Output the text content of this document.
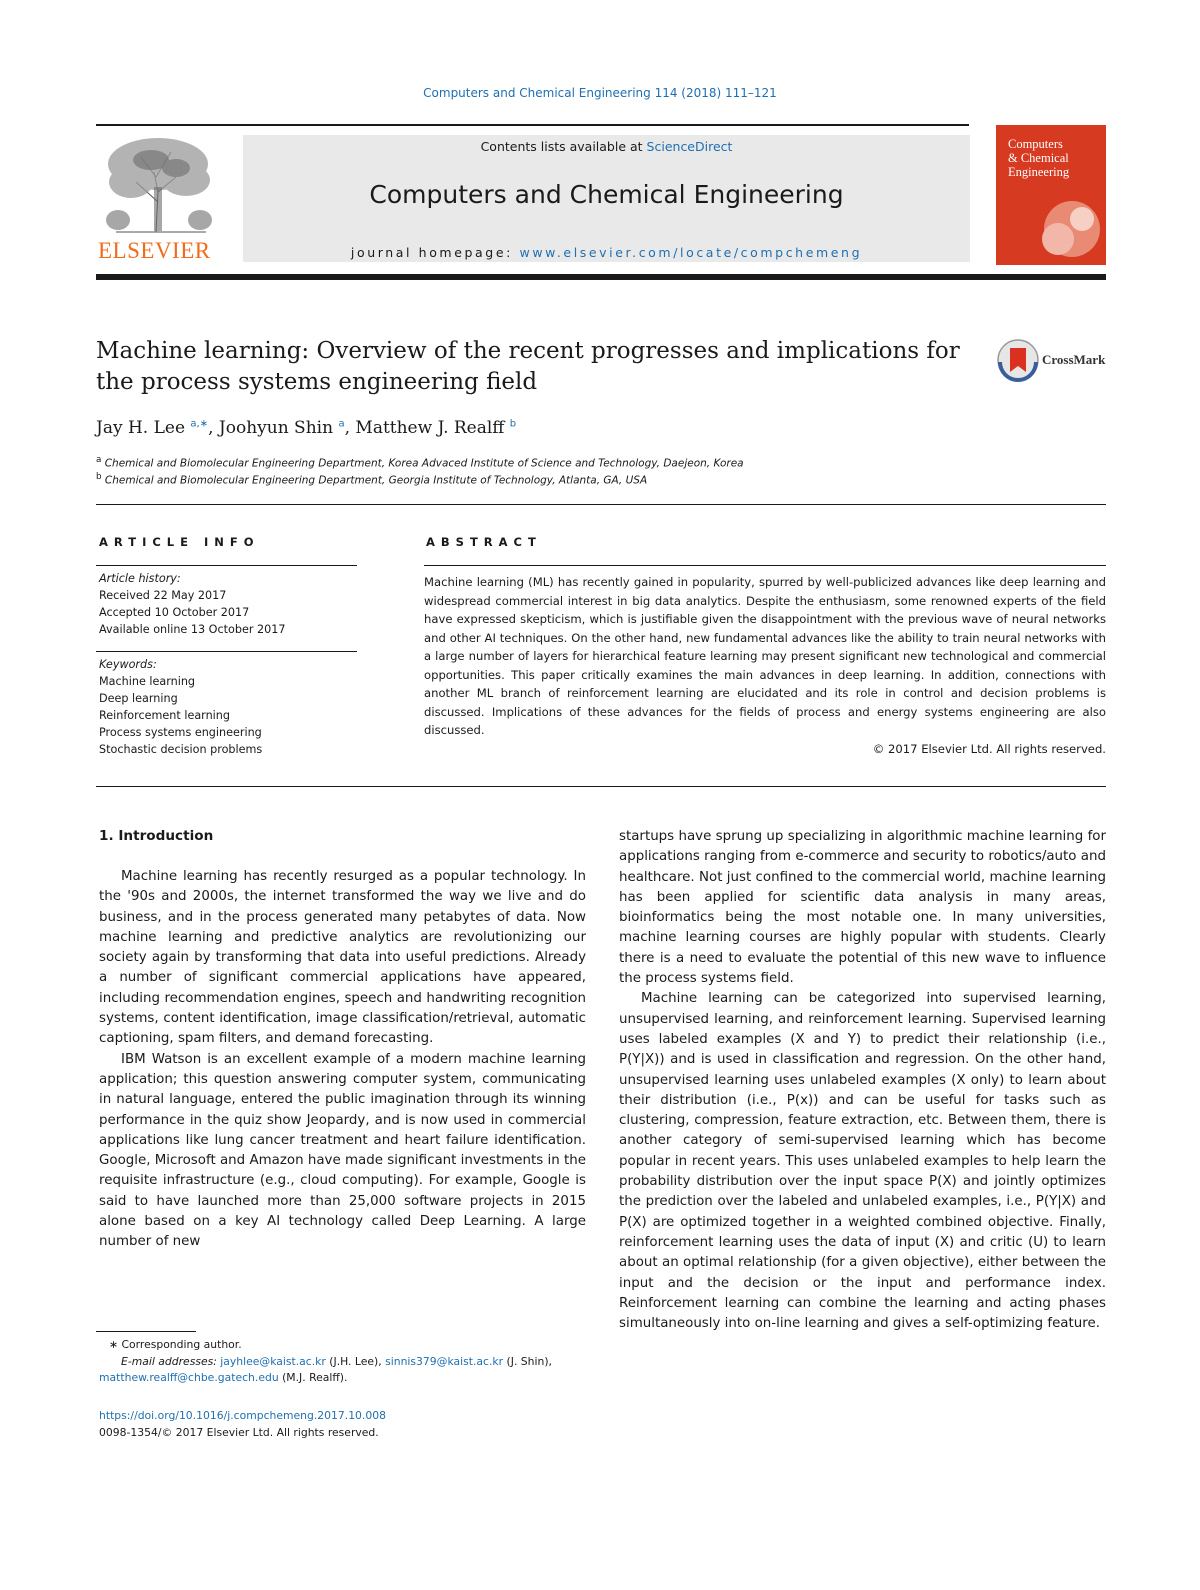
Computers and Chemical Engineering 114 (2018) 111–121
ELSEVIER
Contents lists available at ScienceDirect
Computers and Chemical Engineering
journal homepage: www.elsevier.com/locate/compchemeng
Computers
& Chemical
Engineering
Machine learning: Overview of the recent progresses and implications for the process systems engineering field
CrossMark
Jay H. Lee $^{a,∗}$, Joohyun Shin $^a$, Matthew J. Realff $^b$
$^a$ Chemical and Biomolecular Engineering Department, Korea Advaced Institute of Science and Technology, Daejeon, Korea
$^b$ Chemical and Biomolecular Engineering Department, Georgia Institute of Technology, Atlanta, GA, USA
ARTICLE INFO
Article history:
Received 22 May 2017
Accepted 10 October 2017
Available online 13 October 2017
Keywords:
Machine learning
Deep learning
Reinforcement learning
Process systems engineering
Stochastic decision problems
ABSTRACT
Machine learning (ML) has recently gained in popularity, spurred by well-publicized advances like deep learning and widespread commercial interest in big data analytics. Despite the enthusiasm, some renowned experts of the field have expressed skepticism, which is justifiable given the disappointment with the previous wave of neural networks and other AI techniques. On the other hand, new fundamental advances like the ability to train neural networks with a large number of layers for hierarchical feature learning may present significant new technological and commercial opportunities. This paper critically examines the main advances in deep learning. In addition, connections with another ML branch of reinforcement learning are elucidated and its role in control and decision problems is discussed. Implications of these advances for the fields of process and energy systems engineering are also discussed.
© 2017 Elsevier Ltd. All rights reserved.
1. Introduction

Machine learning has recently resurged as a popular technology. In the '90s and 2000s, the internet transformed the way we live and do business, and in the process generated many petabytes of data. Now machine learning and predictive analytics are revolutionizing our society again by transforming that data into useful predictions. Already a number of significant commercial applications have appeared, including recommendation engines, speech and handwriting recognition systems, content identification, image classification/retrieval, automatic captioning, spam filters, and demand forecasting.

IBM Watson is an excellent example of a modern machine learning application; this question answering computer system, communicating in natural language, entered the public imagination through its winning performance in the quiz show Jeopardy, and is now used in commercial applications like lung cancer treatment and heart failure identification. Google, Microsoft and Amazon have made significant investments in the requisite infrastructure (e.g., cloud computing). For example, Google is said to have launched more than 25,000 software projects in 2015 alone based on a key AI technology called Deep Learning. A large number of new

startups have sprung up specializing in algorithmic machine learning for applications ranging from e-commerce and security to robotics/auto and healthcare. Not just confined to the commercial world, machine learning has been applied for scientific data analysis in many areas, bioinformatics being the most notable one. In many universities, machine learning courses are highly popular with students. Clearly there is a need to evaluate the potential of this new wave to influence the process systems field.

Machine learning can be categorized into supervised learning, unsupervised learning, and reinforcement learning. Supervised learning uses labeled examples (X and Y) to predict their relationship (i.e., P(Y|X)) and is used in classification and regression. On the other hand, unsupervised learning uses unlabeled examples (X only) to learn about their distribution (i.e., P(x)) and can be useful for tasks such as clustering, compression, feature extraction, etc. Between them, there is another category of semi-supervised learning which has become popular in recent years. This uses unlabeled examples to help learn the probability distribution over the input space P(X) and jointly optimizes the prediction over the labeled and unlabeled examples, i.e., P(Y|X) and P(X) are optimized together in a weighted combined objective. Finally, reinforcement learning uses the data of input (X) and critic (U) to learn about an optimal relationship (for a given objective), either between the input and the decision or the input and performance index. Reinforcement learning can combine the learning and acting phases simultaneously into on-line learning and gives a self-optimizing feature.

∗ Corresponding author.
E-mail addresses: jayhlee@kaist.ac.kr (J.H. Lee), sinnis379@kaist.ac.kr (J. Shin),
matthew.realff@chbe.gatech.edu (M.J. Realff).
https://doi.org/10.1016/j.compchemeng.2017.10.008
0098-1354/© 2017 Elsevier Ltd. All rights reserved.
